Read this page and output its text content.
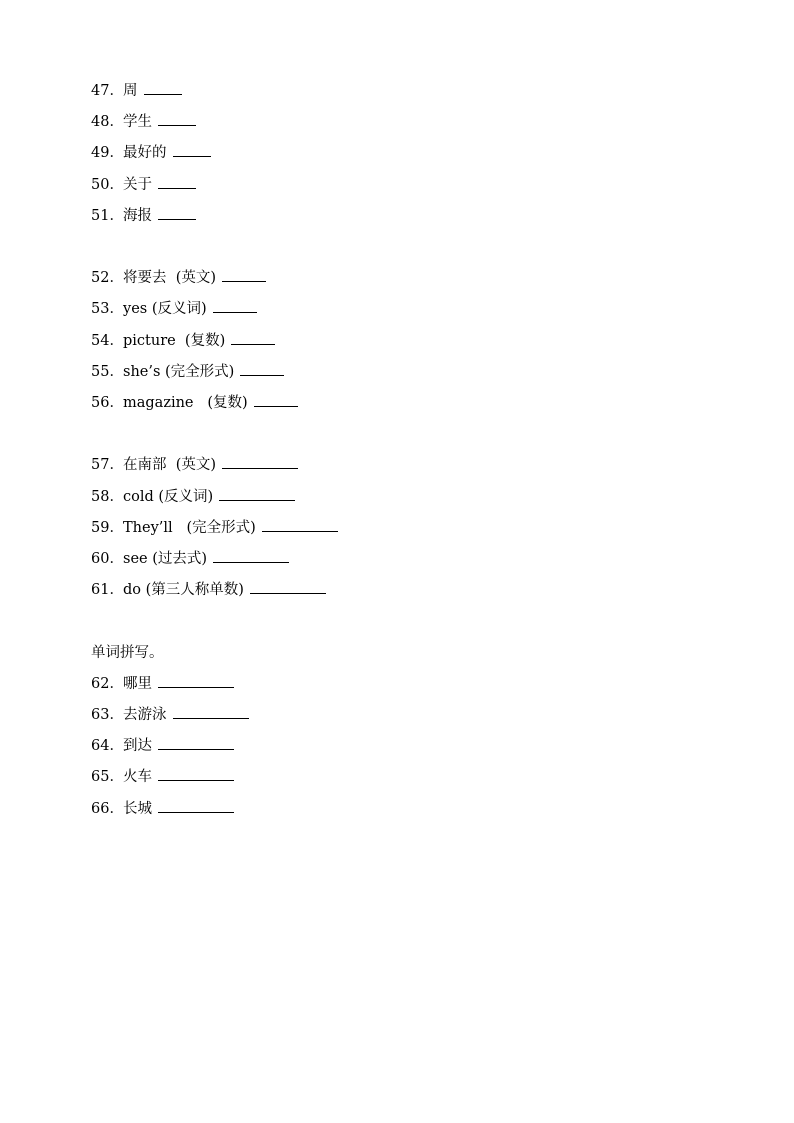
47．周
48．学生
49．最好的
50．关于
51．海报
52．将要去  (英文)
53．yes (反义词)
54．picture  (复数)
55．she’s (完全形式)
56．magazine   (复数)
57．在南部  (英文)
58．cold (反义词)
59．They’ll   (完全形式)
60．see (过去式)
61．do (第三人称单数)
单词拼写。
62．哪里
63．去游泳
64．到达
65．火车
66．长城
